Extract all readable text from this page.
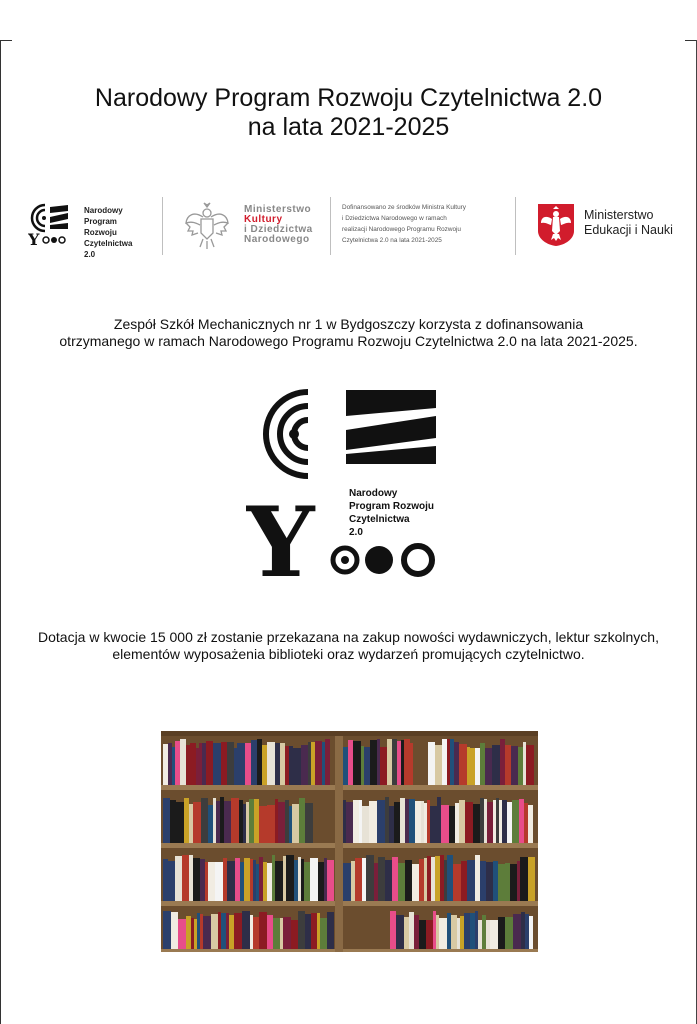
Narodowy Program Rozwoju Czytelnictwa 2.0
na lata 2021-2025
Y
Narodowy
Program
Rozwoju
Czytelnictwa
2.0
Ministerstwo
Kultury
i Dziedzictwa
Narodowego
Dofinansowano ze środków Ministra Kultury
i Dziedzictwa Narodowego w ramach
realizacji Narodowego Programu Rozwoju
Czytelnictwa 2.0 na lata 2021-2025
Ministerstwo
Edukacji i Nauki
Zespół Szkół Mechanicznych nr 1 w Bydgoszczy korzysta z dofinansowania
otrzymanego w ramach Narodowego Programu Rozwoju Czytelnictwa 2.0 na lata 2021-2025.
Y	Narodowy
Program Rozwoju
Czytelnictwa
2.0
Dotacja w kwocie 15 000 zł zostanie przekazana na zakup nowości wydawniczych, lektur szkolnych,
elementów wyposażenia biblioteki oraz wydarzeń promujących czytelnictwo.
